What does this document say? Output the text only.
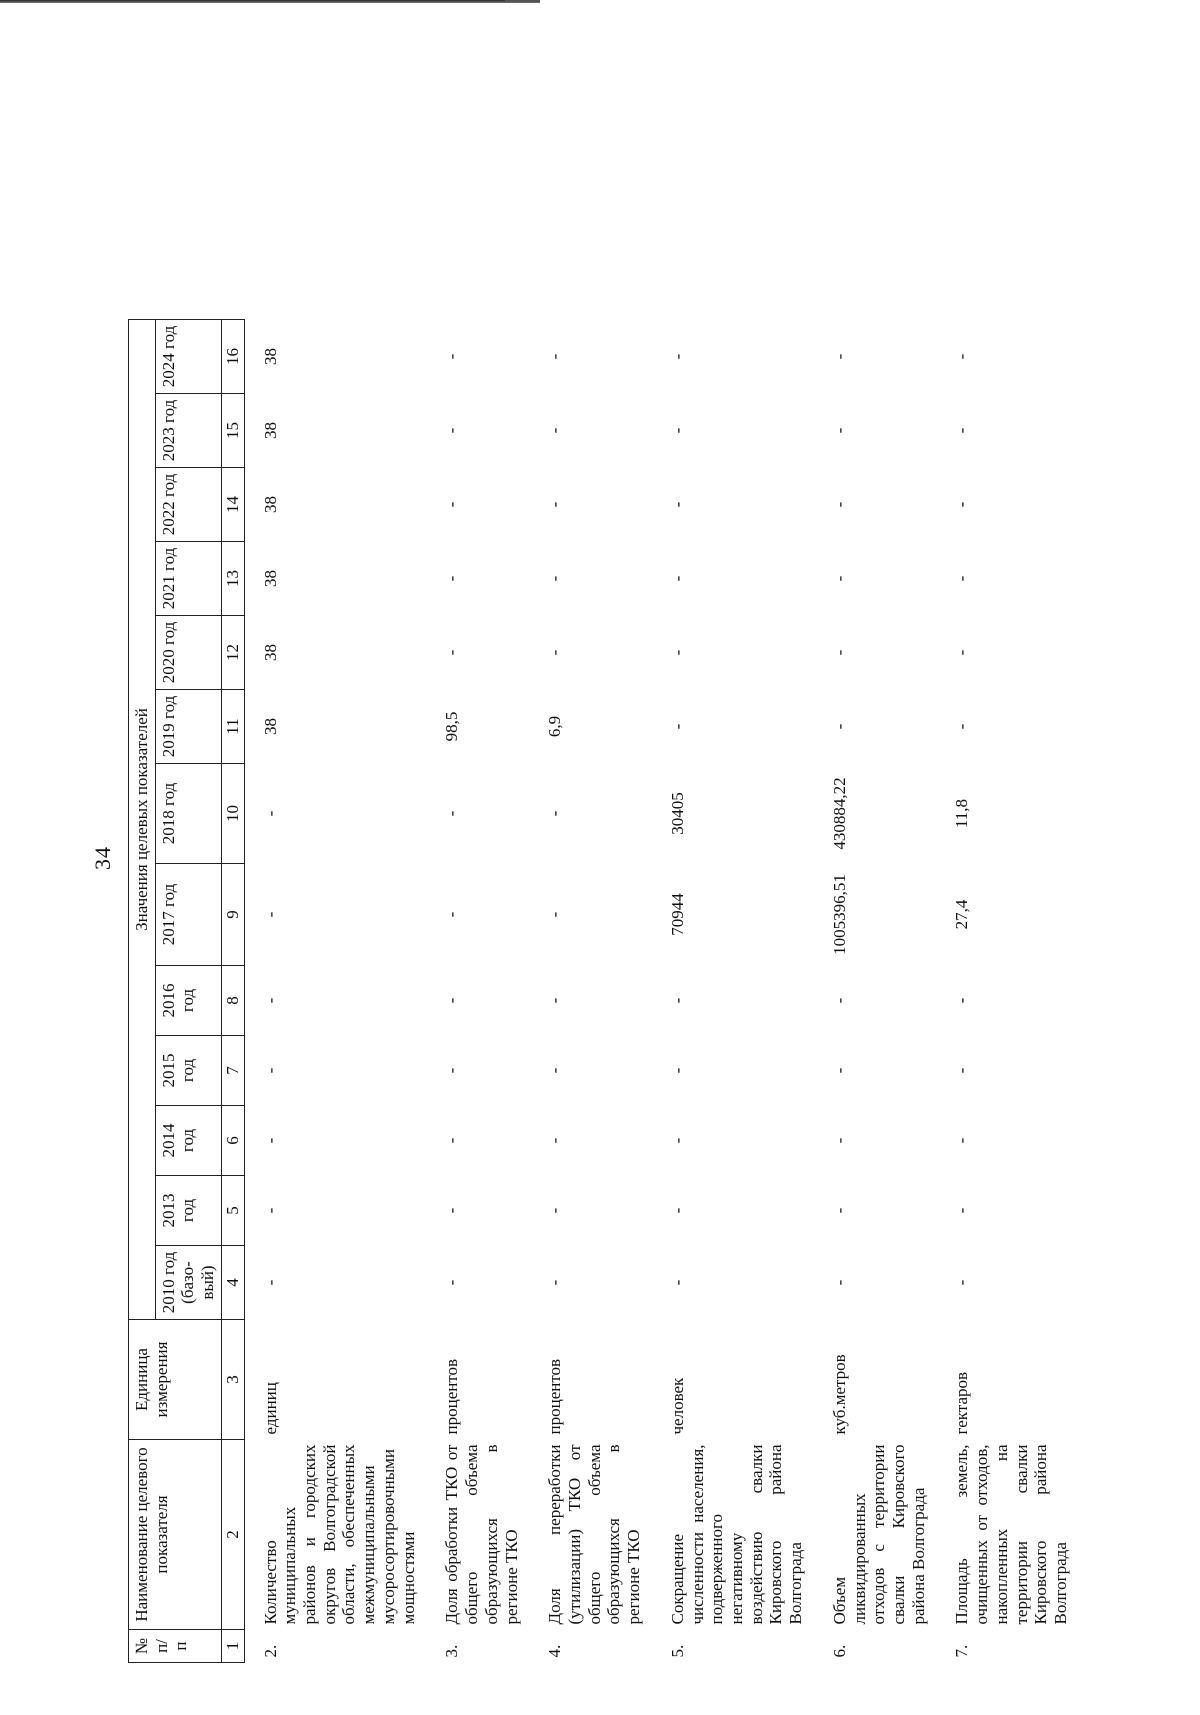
34
№ п/п	Наименование целевого показателя	Единица измерения	Значения целевых показателей												
			2010 год (базо-вый)	2013 год	2014 год	2015 год	2016 год	2017 год	2018 год	2019 год	2020 год	2021 год	2022 год	2023 год	2024 год
1	2	3	4	5	6	7	8	9	10	11	12	13	14	15	16
2.	Количество муниципальных районов и городских округов Волгоградской области, обеспеченных межмуниципальными мусоросортировочными мощностями	единиц	-	-	-	-	-	-	-	38	38	38	38	38	38
3.	Доля обработки ТКО от общего объема образующихся в регионе ТКО	процентов	-	-	-	-	-	-	-	98,5	-	-	-	-	-
4.	Доля переработки (утилизации) ТКО от общего объема образующихся в регионе ТКО	процентов	-	-	-	-	-	-	-	6,9	-	-	-	-	-
5.	Сокращение численности населения, подверженного негативному воздействию свалки Кировского района Волгограда	человек	-	-	-	-	-	70944	30405	-	-	-	-	-	-
6.	Объем ликвидированных отходов с территории свалки Кировского района Волгограда	куб.метров	-	-	-	-	-	1005396,51	430884,22	-	-	-	-	-	-
7.	Площадь земель, очищенных от отходов, накопленных на территории свалки Кировского района Волгограда	гектаров	-	-	-	-	-	27,4	11,8	-	-	-	-	-	-
